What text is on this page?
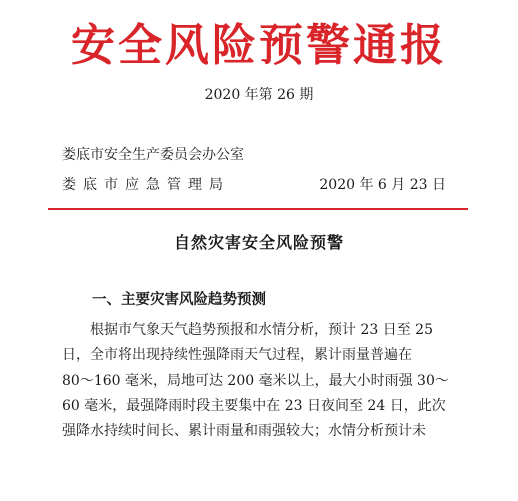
安全风险预警通报
2020 年第 26 期
娄底市安全生产委员会办公室
娄底市应急管理局	2020 年 6 月 23 日
自然灾害安全风险预警
一、主要灾害风险趋势预测
根据市气象天气趋势预报和水情分析，预计 23 日至 25
日，全市将出现持续性强降雨天气过程，累计雨量普遍在
80～160 毫米，局地可达 200 毫米以上，最大小时雨强 30～
60 毫米，最强降雨时段主要集中在 23 日夜间至 24 日，此次
强降水持续时间长、累计雨量和雨强较大；水情分析预计未
